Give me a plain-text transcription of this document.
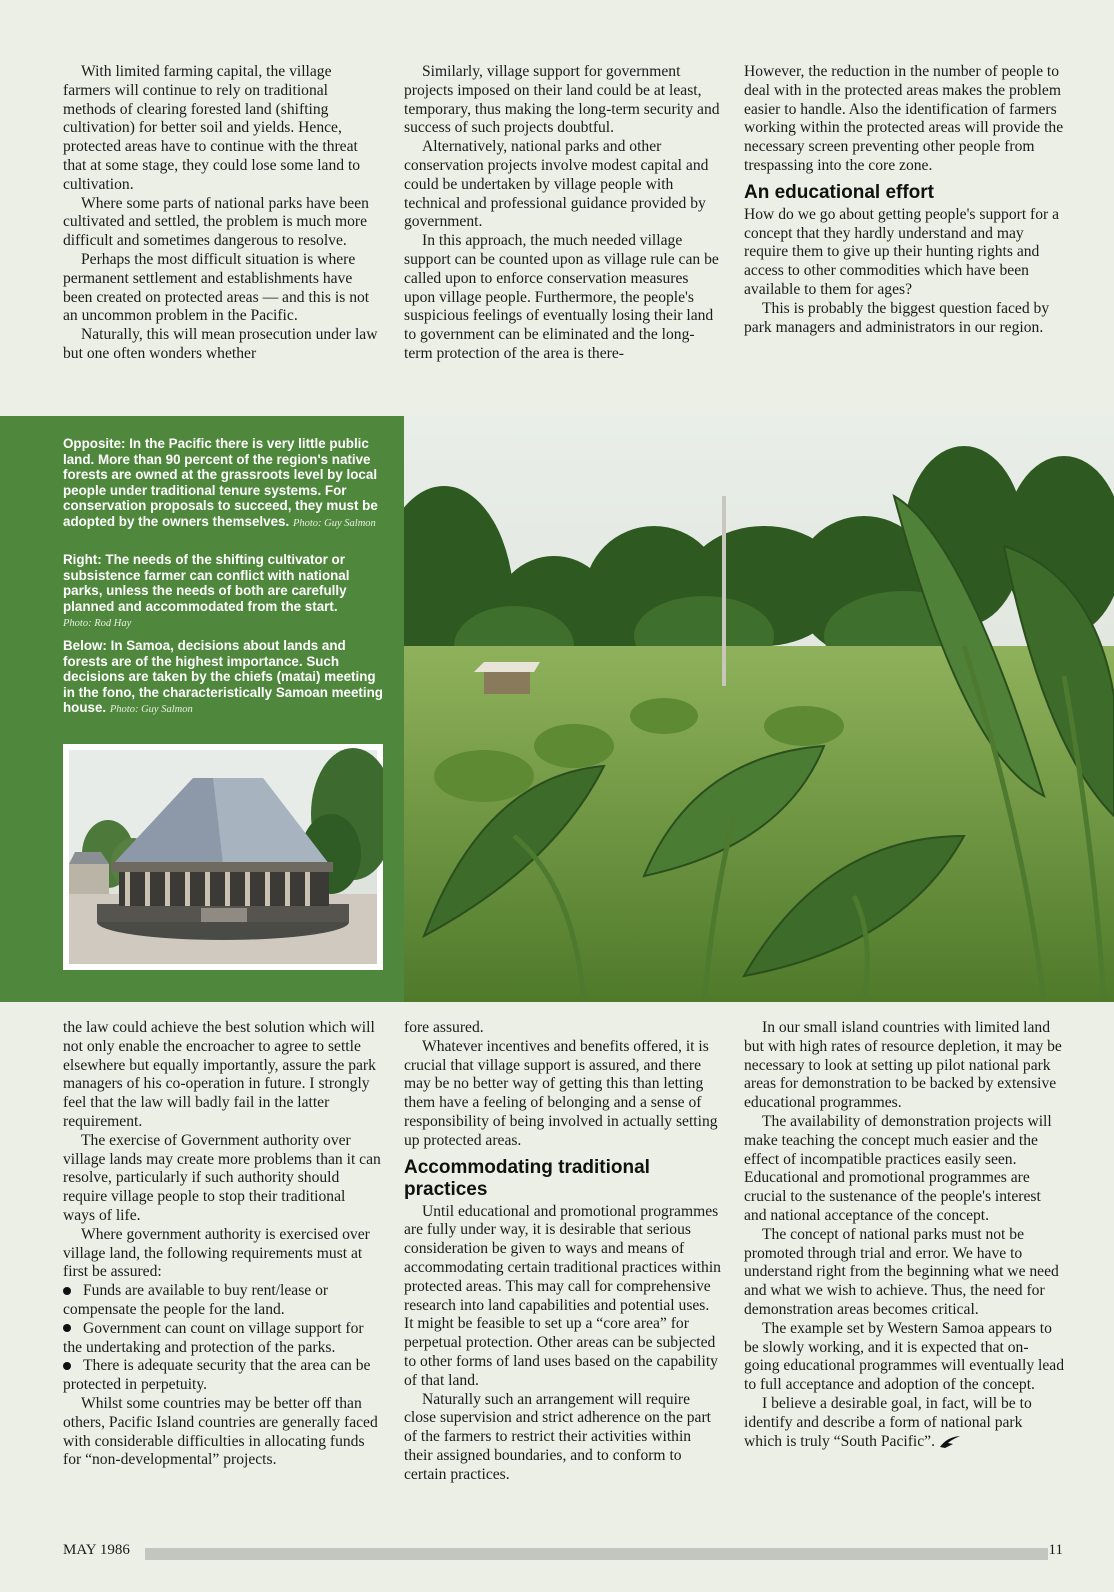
With limited farming capital, the village farmers will continue to rely on traditional methods of clearing forested land (shifting cultivation) for better soil and yields. Hence, protected areas have to continue with the threat that at some stage, they could lose some land to cultivation.

Where some parts of national parks have been cultivated and settled, the problem is much more difficult and sometimes dangerous to resolve.

Perhaps the most difficult situation is where permanent settlement and establishments have been created on protected areas — and this is not an uncommon problem in the Pacific.

Naturally, this will mean prosecution under law but one often wonders whether

Similarly, village support for government projects imposed on their land could be at least, temporary, thus making the long-term security and success of such projects doubtful.

Alternatively, national parks and other conservation projects involve modest capital and could be undertaken by village people with technical and professional guidance provided by government.

In this approach, the much needed village support can be counted upon as village rule can be called upon to enforce conservation measures upon village people. Furthermore, the people's suspicious feelings of eventually losing their land to government can be eliminated and the long-term protection of the area is there-

However, the reduction in the number of people to deal with in the protected areas makes the problem easier to handle. Also the identification of farmers working within the protected areas will provide the necessary screen preventing other people from trespassing into the core zone.

An educational effort

How do we go about getting people's support for a concept that they hardly understand and may require them to give up their hunting rights and access to other commodities which have been available to them for ages?

This is probably the biggest question faced by park managers and administrators in our region.

Opposite: In the Pacific there is very little public land. More than 90 percent of the region's native forests are owned at the grassroots level by local people under traditional tenure systems. For conservation proposals to succeed, they must be adopted by the owners themselves. Photo: Guy Salmon
Right: The needs of the shifting cultivator or subsistence farmer can conflict with national parks, unless the needs of both are carefully planned and accommodated from the start.
Photo: Rod Hay
Below: In Samoa, decisions about lands and forests are of the highest importance. Such decisions are taken by the chiefs (matai) meeting in the fono, the characteristically Samoan meeting house. Photo: Guy Salmon

the law could achieve the best solution which will not only enable the encroacher to agree to settle elsewhere but equally importantly, assure the park managers of his co-operation in future. I strongly feel that the law will badly fail in the latter requirement.

The exercise of Government authority over village lands may create more problems than it can resolve, particularly if such authority should require village people to stop their traditional ways of life.

Where government authority is exercised over village land, the following requirements must at first be assured:

Funds are available to buy rent/lease or compensate the people for the land.

Government can count on village support for the undertaking and protection of the parks.

There is adequate security that the area can be protected in perpetuity.

Whilst some countries may be better off than others, Pacific Island countries are generally faced with considerable difficulties in allocating funds for “non-developmental” projects.

fore assured.

Whatever incentives and benefits offered, it is crucial that village support is assured, and there may be no better way of getting this than letting them have a feeling of belonging and a sense of responsibility of being involved in actually setting up protected areas.

Accommodating traditional practices

Until educational and promotional programmes are fully under way, it is desirable that serious consideration be given to ways and means of accommodating certain traditional practices within protected areas. This may call for comprehensive research into land capabilities and potential uses. It might be feasible to set up a “core area” for perpetual protection. Other areas can be subjected to other forms of land uses based on the capability of that land.

Naturally such an arrangement will require close supervision and strict adherence on the part of the farmers to restrict their activities within their assigned boundaries, and to conform to certain practices.

In our small island countries with limited land but with high rates of resource depletion, it may be necessary to look at setting up pilot national park areas for demonstration to be backed by extensive educational programmes.

The availability of demonstration projects will make teaching the concept much easier and the effect of incompatible practices easily seen. Educational and promotional programmes are crucial to the sustenance of the people's interest and national acceptance of the concept.

The concept of national parks must not be promoted through trial and error. We have to understand right from the beginning what we need and what we wish to achieve. Thus, the need for demonstration areas becomes critical.

The example set by Western Samoa appears to be slowly working, and it is expected that on-going educational programmes will eventually lead to full acceptance and adoption of the concept.

I believe a desirable goal, in fact, will be to identify and describe a form of national park which is truly “South Pacific”.

MAY 1986	11
